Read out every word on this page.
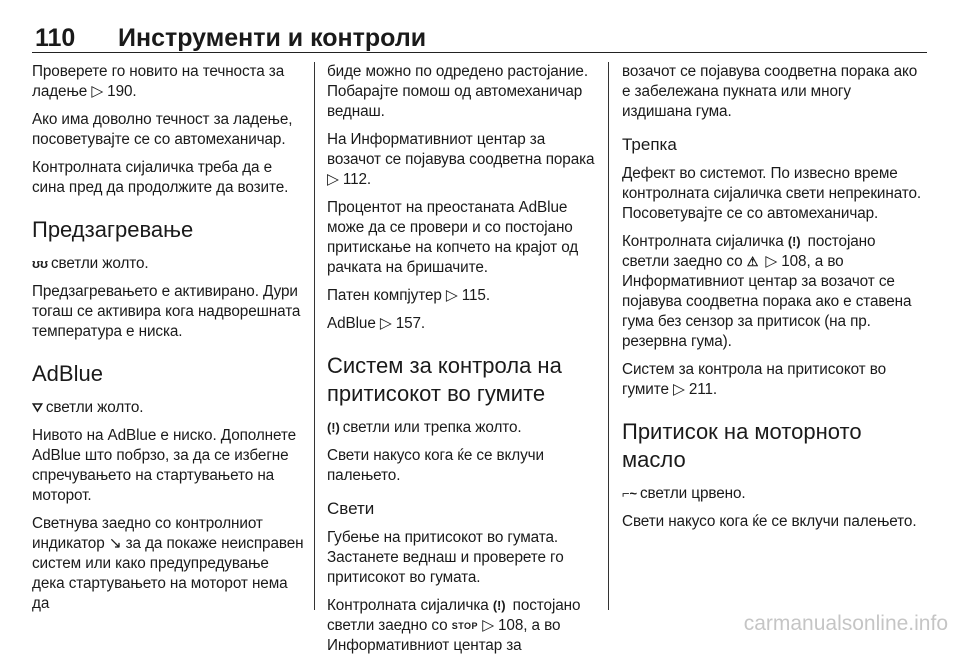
110 Инструменти и контроли

Проверете го новито на течноста за ладење ▷ 190.

Ако има доволно течност за ладење, посоветувајте се со автомеханичар.

Контролната сијаличка треба да е сина пред да продолжите да возите.

Предзагревање

ʊʊ светли жолто.

Предзагревањето е активирано. Дури тогаш се активира кога надворешната температура е ниска.

AdBlue

⛛ светли жолто.

Нивото на AdBlue е ниско. Дополнете AdBlue што побрзо, за да се избегне спречувањето на стартувањето на моторот.

Светнува заедно со контролниот индикатор ↘ за да покаже неисправен систем или како предупредување дека стартувањето на моторот нема да

биде можно по одредено растојание. Побарајте помош од автомеханичар веднаш.

На Информативниот центар за возачот се појавува соодветна порака ▷ 112.

Процентот на преостаната AdBlue може да се провери и со постојано притискање на копчето на крајот од рачката на бришачите.

Патен компјутер ▷ 115.

AdBlue ▷ 157.

Систем за контрола на притисокот во гумите

(!) светли или трепка жолто.

Свети накусо кога ќе се вклучи палењето.

Свети

Губење на притисокот во гумата. Застанете веднаш и проверете го притисокот во гумата.

Контролната сијаличка (!) постојано светли заедно со STOP ▷ 108, а во Информативниот центар за

возачот се појавува соодветна порака ако е забележана пукната или многу издишана гума.

Трепка

Дефект во системот. По извесно време контролната сијаличка свети непрекинато. Посоветувајте се со автомеханичар.

Контролната сијаличка (!) постојано светли заедно со ⚠ ▷ 108, а во Информативниот центар за возачот се појавува соодветна порака ако е ставена гума без сензор за притисок (на пр. резервна гума).

Систем за контрола на притисокот во гумите ▷ 211.

Притисок на моторното масло

⌐~ светли црвено.

Свети накусо кога ќе се вклучи палењето.

carmanualsonline.info
